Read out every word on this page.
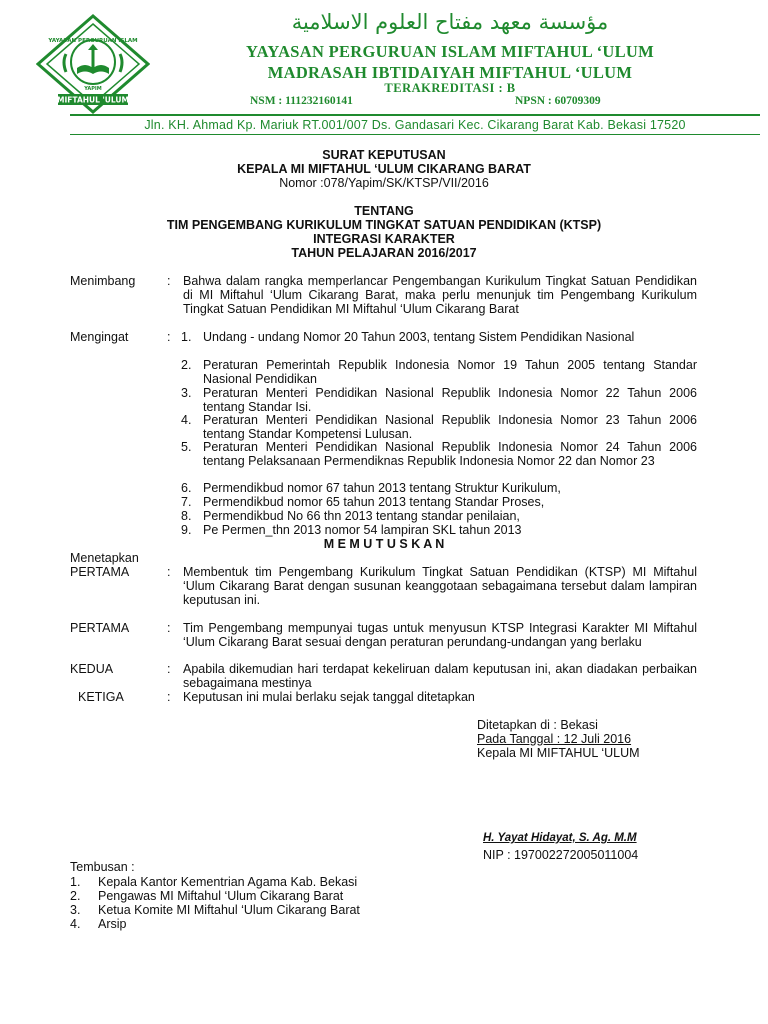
YAYASAN PERGURUAN ISLAM
YAPIM
MIFTAHUL 'ULUM
مؤسسة معهد مفتاح العلوم الاسلامية
YAYASAN PERGURUAN ISLAM MIFTAHUL ‘ULUM
MADRASAH IBTIDAIYAH MIFTAHUL ‘ULUM
TERAKREDITASI : B
NSM : 111232160141	NPSN : 60709309
Jln. KH. Ahmad Kp. Mariuk RT.001/007 Ds. Gandasari Kec. Cikarang Barat Kab. Bekasi 17520
SURAT KEPUTUSAN
KEPALA MI MIFTAHUL ‘ULUM CIKARANG BARAT
Nomor :078/Yapim/SK/KTSP/VII/2016
TENTANG
TIM PENGEMBANG KURIKULUM TINGKAT SATUAN PENDIDIKAN (KTSP)
INTEGRASI KARAKTER
TAHUN PELAJARAN 2016/2017
Menimbang	: Bahwa dalam rangka memperlancar Pengembangan Kurikulum Tingkat Satuan Pendidikan di MI Miftahul ‘Ulum Cikarang Barat, maka perlu menunjuk tim Pengembang Kurikulum Tingkat Satuan Pendidikan MI Miftahul ‘Ulum Cikarang Barat
Mengingat	: 1. Undang - undang Nomor 20 Tahun 2003, tentang Sistem Pendidikan Nasional
2. Peraturan Pemerintah Republik Indonesia Nomor 19 Tahun 2005 tentang Standar Nasional Pendidikan
3. Peraturan Menteri Pendidikan Nasional Republik Indonesia Nomor 22 Tahun 2006 tentang Standar Isi.
4. Peraturan Menteri Pendidikan Nasional Republik Indonesia Nomor 23 Tahun 2006 tentang Standar Kompetensi Lulusan.
5. Peraturan Menteri Pendidikan Nasional Republik Indonesia Nomor 24 Tahun 2006 tentang Pelaksanaan Permendiknas Republik Indonesia Nomor 22 dan Nomor 23
6. Permendikbud nomor 67 tahun 2013 tentang Struktur Kurikulum,
7. Permendikbud nomor 65 tahun 2013 tentang Standar Proses,
8. Permendikbud No 66 thn 2013 tentang standar penilaian,
9. Pe Permen_thn 2013 nomor 54 lampiran SKL tahun 2013
M E M U T U S K A N
Menetapkan
PERTAMA	: Membentuk tim Pengembang Kurikulum Tingkat Satuan Pendidikan (KTSP) MI Miftahul ‘Ulum Cikarang Barat dengan susunan keanggotaan sebagaimana tersebut dalam lampiran keputusan ini.
PERTAMA	: Tim Pengembang mempunyai tugas untuk menyusun KTSP Integrasi Karakter MI Miftahul ‘Ulum Cikarang Barat sesuai dengan peraturan perundang-undangan yang berlaku
KEDUA	: Apabila dikemudian hari terdapat kekeliruan dalam keputusan ini, akan diadakan perbaikan sebagaimana mestinya
KETIGA	: Keputusan ini mulai berlaku sejak tanggal ditetapkan
Ditetapkan di : Bekasi
Pada Tanggal : 12 Juli 2016
Kepala MI MIFTAHUL ‘ULUM
H. Yayat Hidayat, S. Ag. M.M
NIP : 197002272005011004
Tembusan :
1. Kepala Kantor Kementrian Agama Kab. Bekasi
2. Pengawas MI Miftahul ‘Ulum Cikarang Barat
3. Ketua Komite MI Miftahul ‘Ulum Cikarang Barat
4. Arsip
